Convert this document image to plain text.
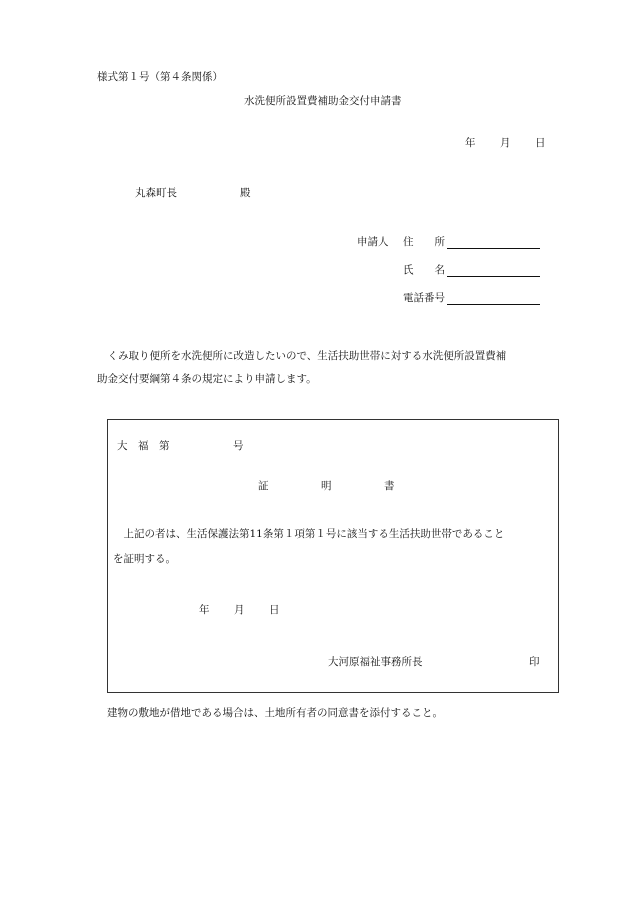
様式第１号（第４条関係）
水洗便所設置費補助金交付申請書
年 月 日
丸森町長	殿
申請人 住　　所
氏　　名
電話番号
　くみ取り便所を水洗便所に改造したいので、生活扶助世帯に対する水洗便所設置費補
助金交付要綱第４条の規定により申請します。
大　福　第	号
証　　　　　明　　　　　書
　上記の者は、生活保護法第11条第１項第１号に該当する生活扶助世帯であること
を証明する。
年 月 日
大河原福祉事務所長	印
建物の敷地が借地である場合は、土地所有者の同意書を添付すること。
